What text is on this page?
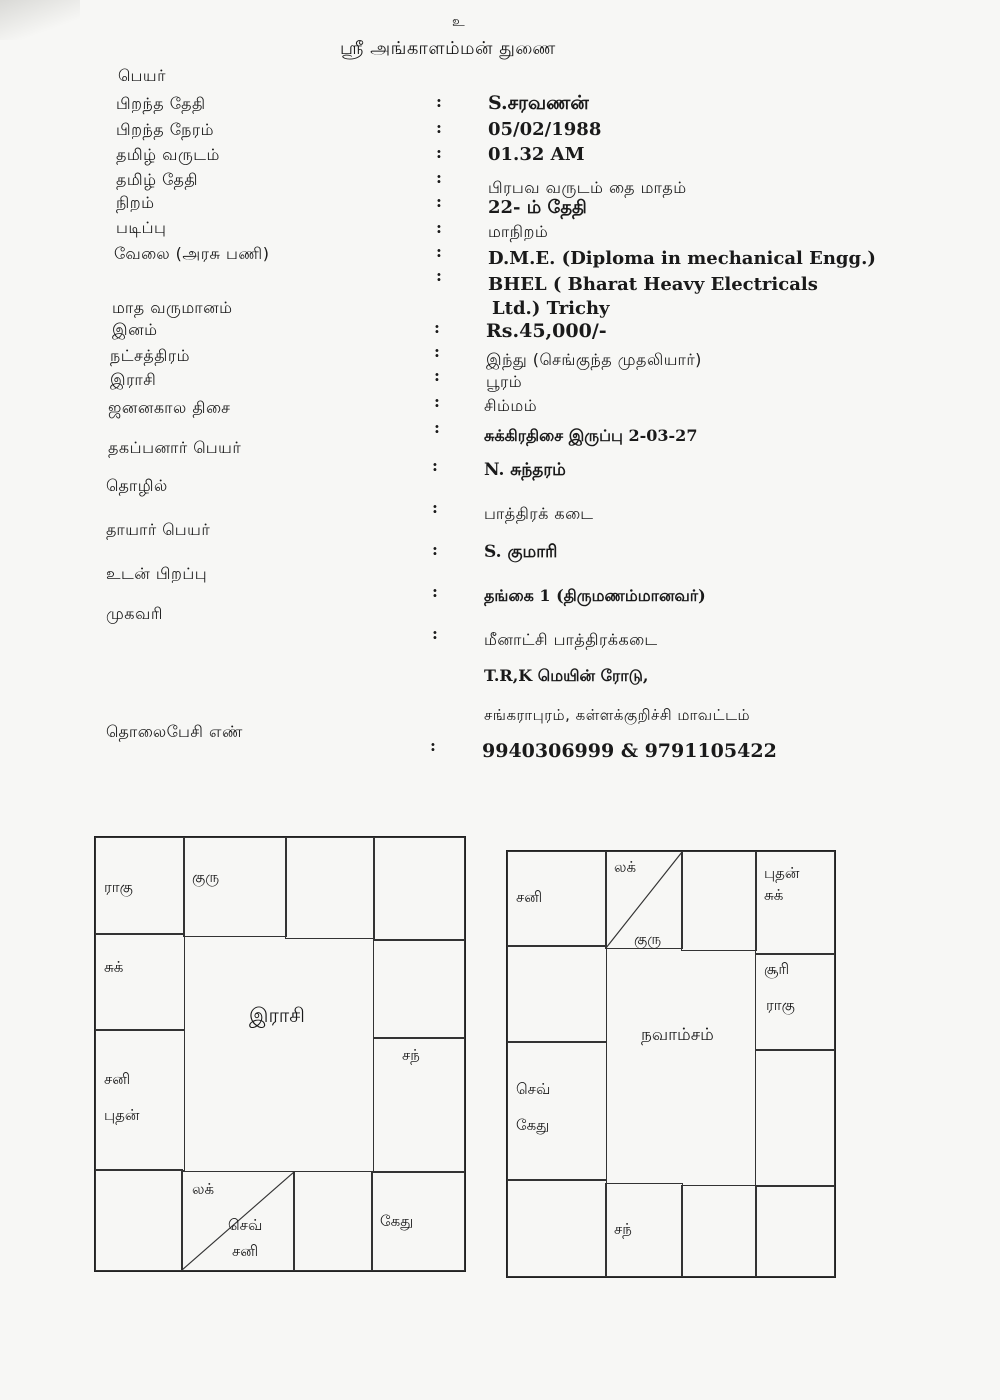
உ
ஸ்ரீ அங்காளம்மன் துணை
பெயர்
பிறந்த தேதி
பிறந்த நேரம்
தமிழ் வருடம்
தமிழ் தேதி
நிறம்
படிப்பு
வேலை (அரசு பணி)
மாத வருமானம்
இனம்
நட்சத்திரம்
இராசி
ஜனனகால திசை
தகப்பனார் பெயர்
தொழில்
தாயார் பெயர்
உடன் பிறப்பு
முகவரி
தொலைபேசி எண்
:
:
:
:
:
:
:
:
:
:
:
:
:
:
:
:
:
:
:
S.சரவணன்
05/02/1988
01.32 AM
பிரபவ வருடம் தை மாதம்
22- ம் தேதி
மாநிறம்
D.M.E. (Diploma in mechanical Engg.)
BHEL ( Bharat Heavy Electricals
Ltd.) Trichy
Rs.45,000/-
இந்து (செங்குந்த முதலியார்)
பூரம்
சிம்மம்
சுக்கிரதிசை இருப்பு 2-03-27
N. சுந்தரம்
பாத்திரக் கடை
S. குமாரி
தங்கை 1 (திருமணம்மானவர்)
மீனாட்சி பாத்திரக்கடை
T.R,K மெயின் ரோடு,
சங்கராபுரம், கள்ளக்குறிச்சி மாவட்டம்
9940306999 & 9791105422
ராகு
குரு
சுக்
சனி
புதன்
சந்
லக்
செவ்
சனி
கேது
இராசி
சனி
லக்
குரு
புதன்
சுக்
செவ்
கேது
சூரி
ராகு
சந்
நவாம்சம்
